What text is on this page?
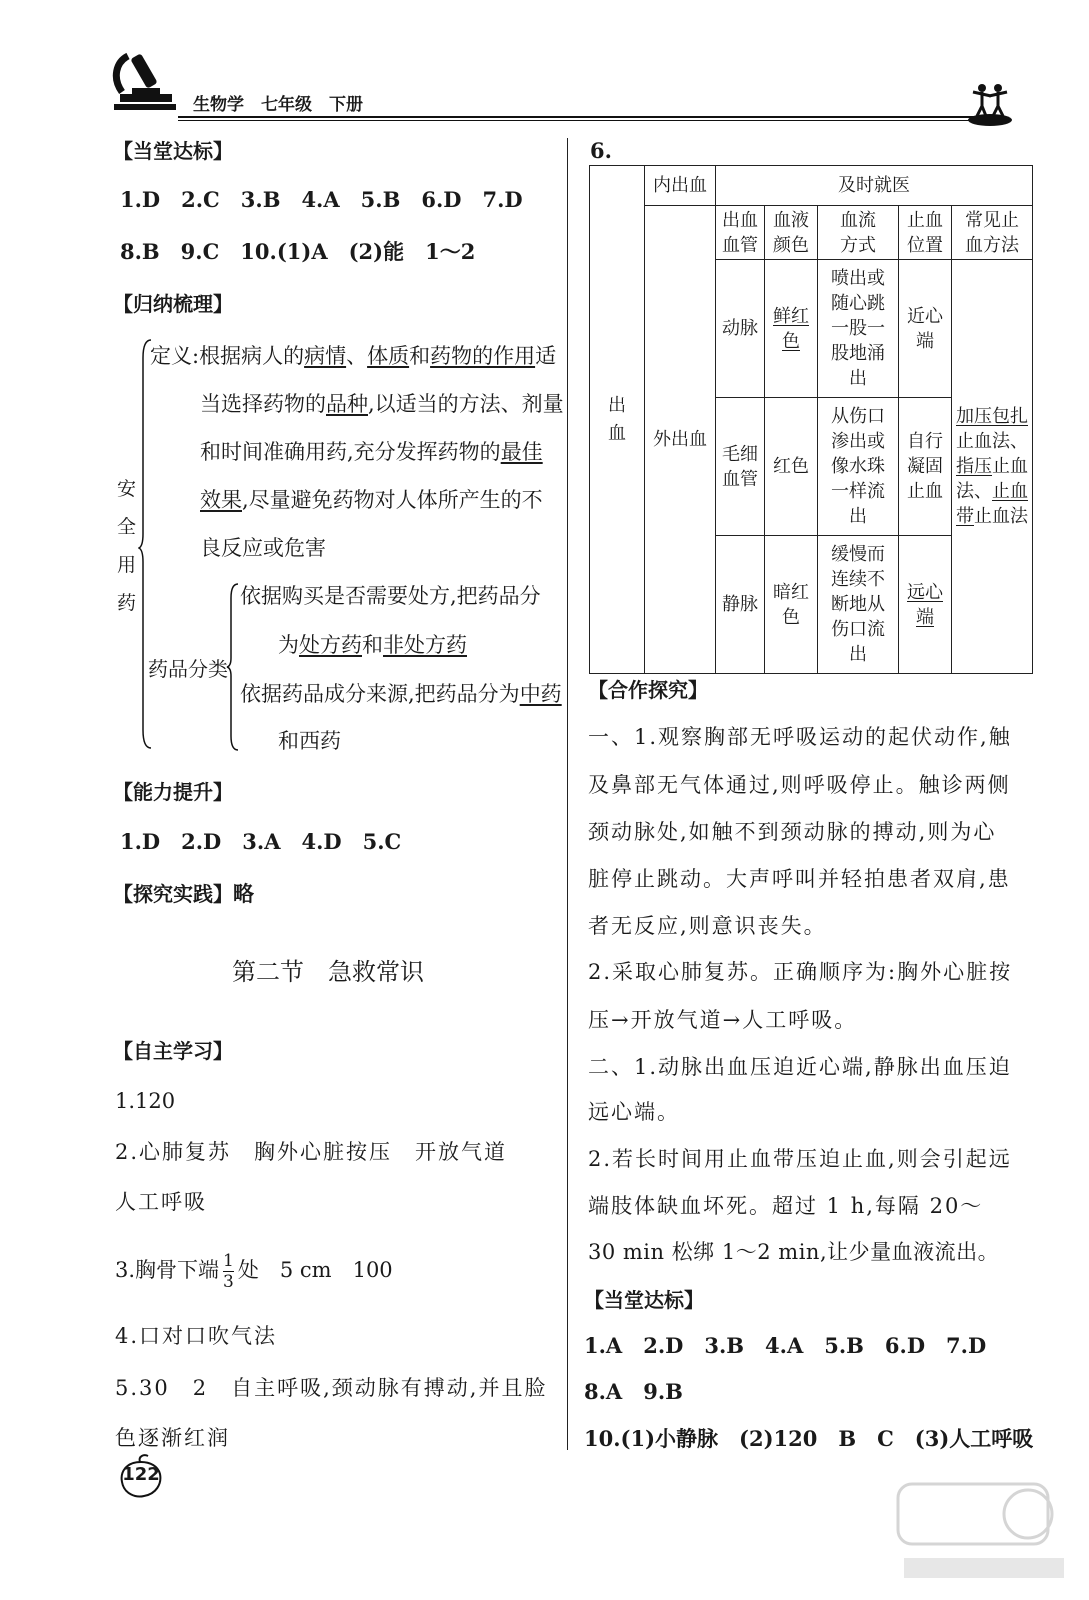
生物学　七年级　下册
【当堂达标】
1.D　2.C　3.B　4.A　5.B　6.D　7.D
8.B　9.C　10.(1)A　(2)能　1～2
【归纳梳理】
安全用药
定义:根据病人的病情、体质和药物的作用适
当选择药物的品种,以适当的方法、剂量
和时间准确用药,充分发挥药物的最佳
效果,尽量避免药物对人体所产生的不
良反应或危害
药品分类
依据购买是否需要处方,把药品分
为处方药和非处方药
依据药品成分来源,把药品分为中药
和西药
【能力提升】
1.D　2.D　3.A　4.D　5.C
【探究实践】略
第二节　急救常识
【自主学习】
1.120
2.心肺复苏　胸外心脏按压　开放气道
人工呼吸
3.胸骨下端 $\frac{1}{3}$ 处　5 cm　100
4.口对口吹气法
5.30　2　自主呼吸,颈动脉有搏动,并且脸
色逐渐红润
6.
出血	内出血	及时就医				
	外出血	出血血管	血液颜色	血流方式	止血位置	常见止血方法

		动脉	鲜红色	喷出或随心跳一股一股地涌出	近心端	加压包扎止血法、指压止血法、止血带止血法

		毛细血管	红色	从伤口渗出或像水珠一样流出	自行凝固止血	

		静脉	暗红色	缓慢而连续不断地从伤口流出	远心端	
【合作探究】
一、1.观察胸部无呼吸运动的起伏动作,触
及鼻部无气体通过,则呼吸停止。触诊两侧
颈动脉处,如触不到颈动脉的搏动,则为心
脏停止跳动。大声呼叫并轻拍患者双肩,患
者无反应,则意识丧失。
2.采取心肺复苏。正确顺序为:胸外心脏按
压→开放气道→人工呼吸。
二、1.动脉出血压迫近心端,静脉出血压迫
远心端。
2.若长时间用止血带压迫止血,则会引起远
端肢体缺血坏死。超过 1 h,每隔 20～
30 min 松绑 1～2 min,让少量血液流出。
【当堂达标】
1.A　2.D　3.B　4.A　5.B　6.D　7.D
8.A　9.B
10.(1)小静脉　(2)120　B　C　(3)人工呼吸
122
